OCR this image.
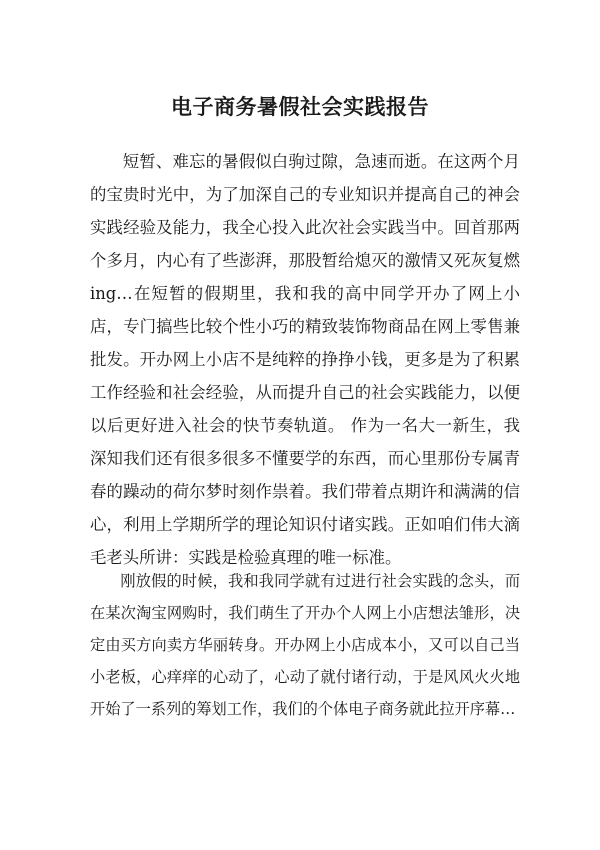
电子商务暑假社会实践报告

短暂、难忘的暑假似白驹过隙，急速而逝。在这两个月的宝贵时光中，为了加深自己的专业知识并提高自己的神会实践经验及能力，我全心投入此次社会实践当中。回首那两个多月，内心有了些澎湃，那股暂给熄灭的激情又死灰复燃ing…在短暂的假期里，我和我的高中同学开办了网上小店，专门搞些比较个性小巧的精致装饰物商品在网上零售兼批发。开办网上小店不是纯粹的挣挣小钱，更多是为了积累工作经验和社会经验，从而提升自己的社会实践能力，以便以后更好进入社会的快节奏轨道。 作为一名大一新生，我深知我们还有很多很多不懂要学的东西，而心里那份专属青春的躁动的荷尔梦时刻作祟着。我们带着点期许和满满的信心，利用上学期所学的理论知识付诸实践。正如咱们伟大滴毛老头所讲：实践是检验真理的唯一标准。

刚放假的时候，我和我同学就有过进行社会实践的念头，而在某次淘宝网购时，我们萌生了开办个人网上小店想法雏形，决定由买方向卖方华丽转身。开办网上小店成本小，又可以自己当小老板，心痒痒的心动了，心动了就付诸行动，于是风风火火地开始了一系列的筹划工作，我们的个体电子商务就此拉开序幕…
